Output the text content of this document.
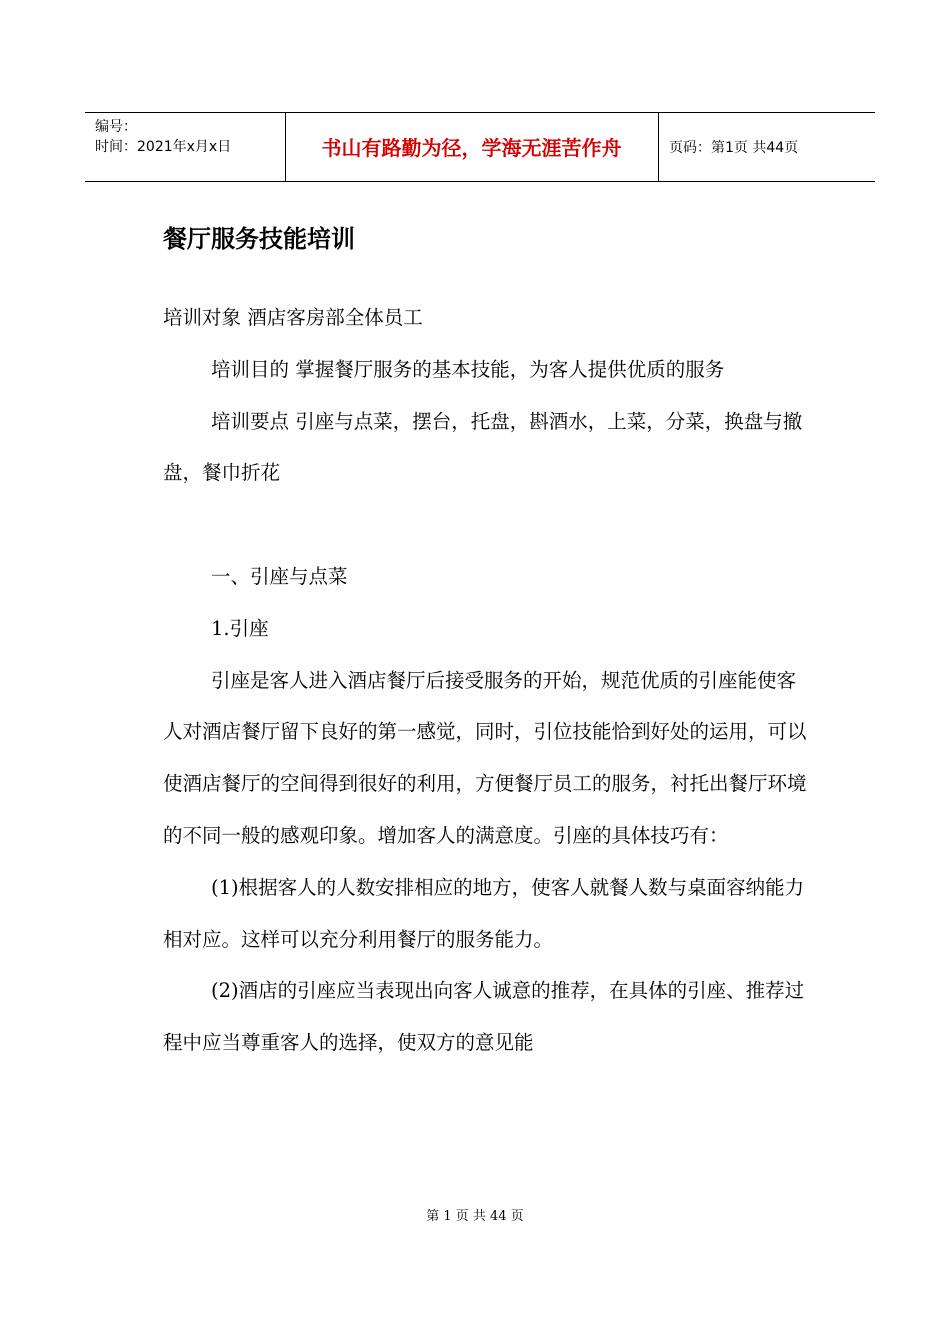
编号：
时间：2021年x月x日	书山有路勤为径，学海无涯苦作舟	页码：第1页 共44页
餐厅服务技能培训

培训对象 酒店客房部全体员工

培训目的 掌握餐厅服务的基本技能，为客人提供优质的服务

培训要点 引座与点菜，摆台，托盘，斟酒水，上菜，分菜，换盘与撤盘，餐巾折花

一、引座与点菜

1.引座

引座是客人进入酒店餐厅后接受服务的开始，规范优质的引座能使客人对酒店餐厅留下良好的第一感觉，同时，引位技能恰到好处的运用，可以使酒店餐厅的空间得到很好的利用，方便餐厅员工的服务，衬托出餐厅环境的不同一般的感观印象。增加客人的满意度。引座的具体技巧有：

(1)根据客人的人数安排相应的地方，使客人就餐人数与桌面容纳能力相对应。这样可以充分利用餐厅的服务能力。

(2)酒店的引座应当表现出向客人诚意的推荐，在具体的引座、推荐过程中应当尊重客人的选择，使双方的意见能

第 1 页 共 44 页
